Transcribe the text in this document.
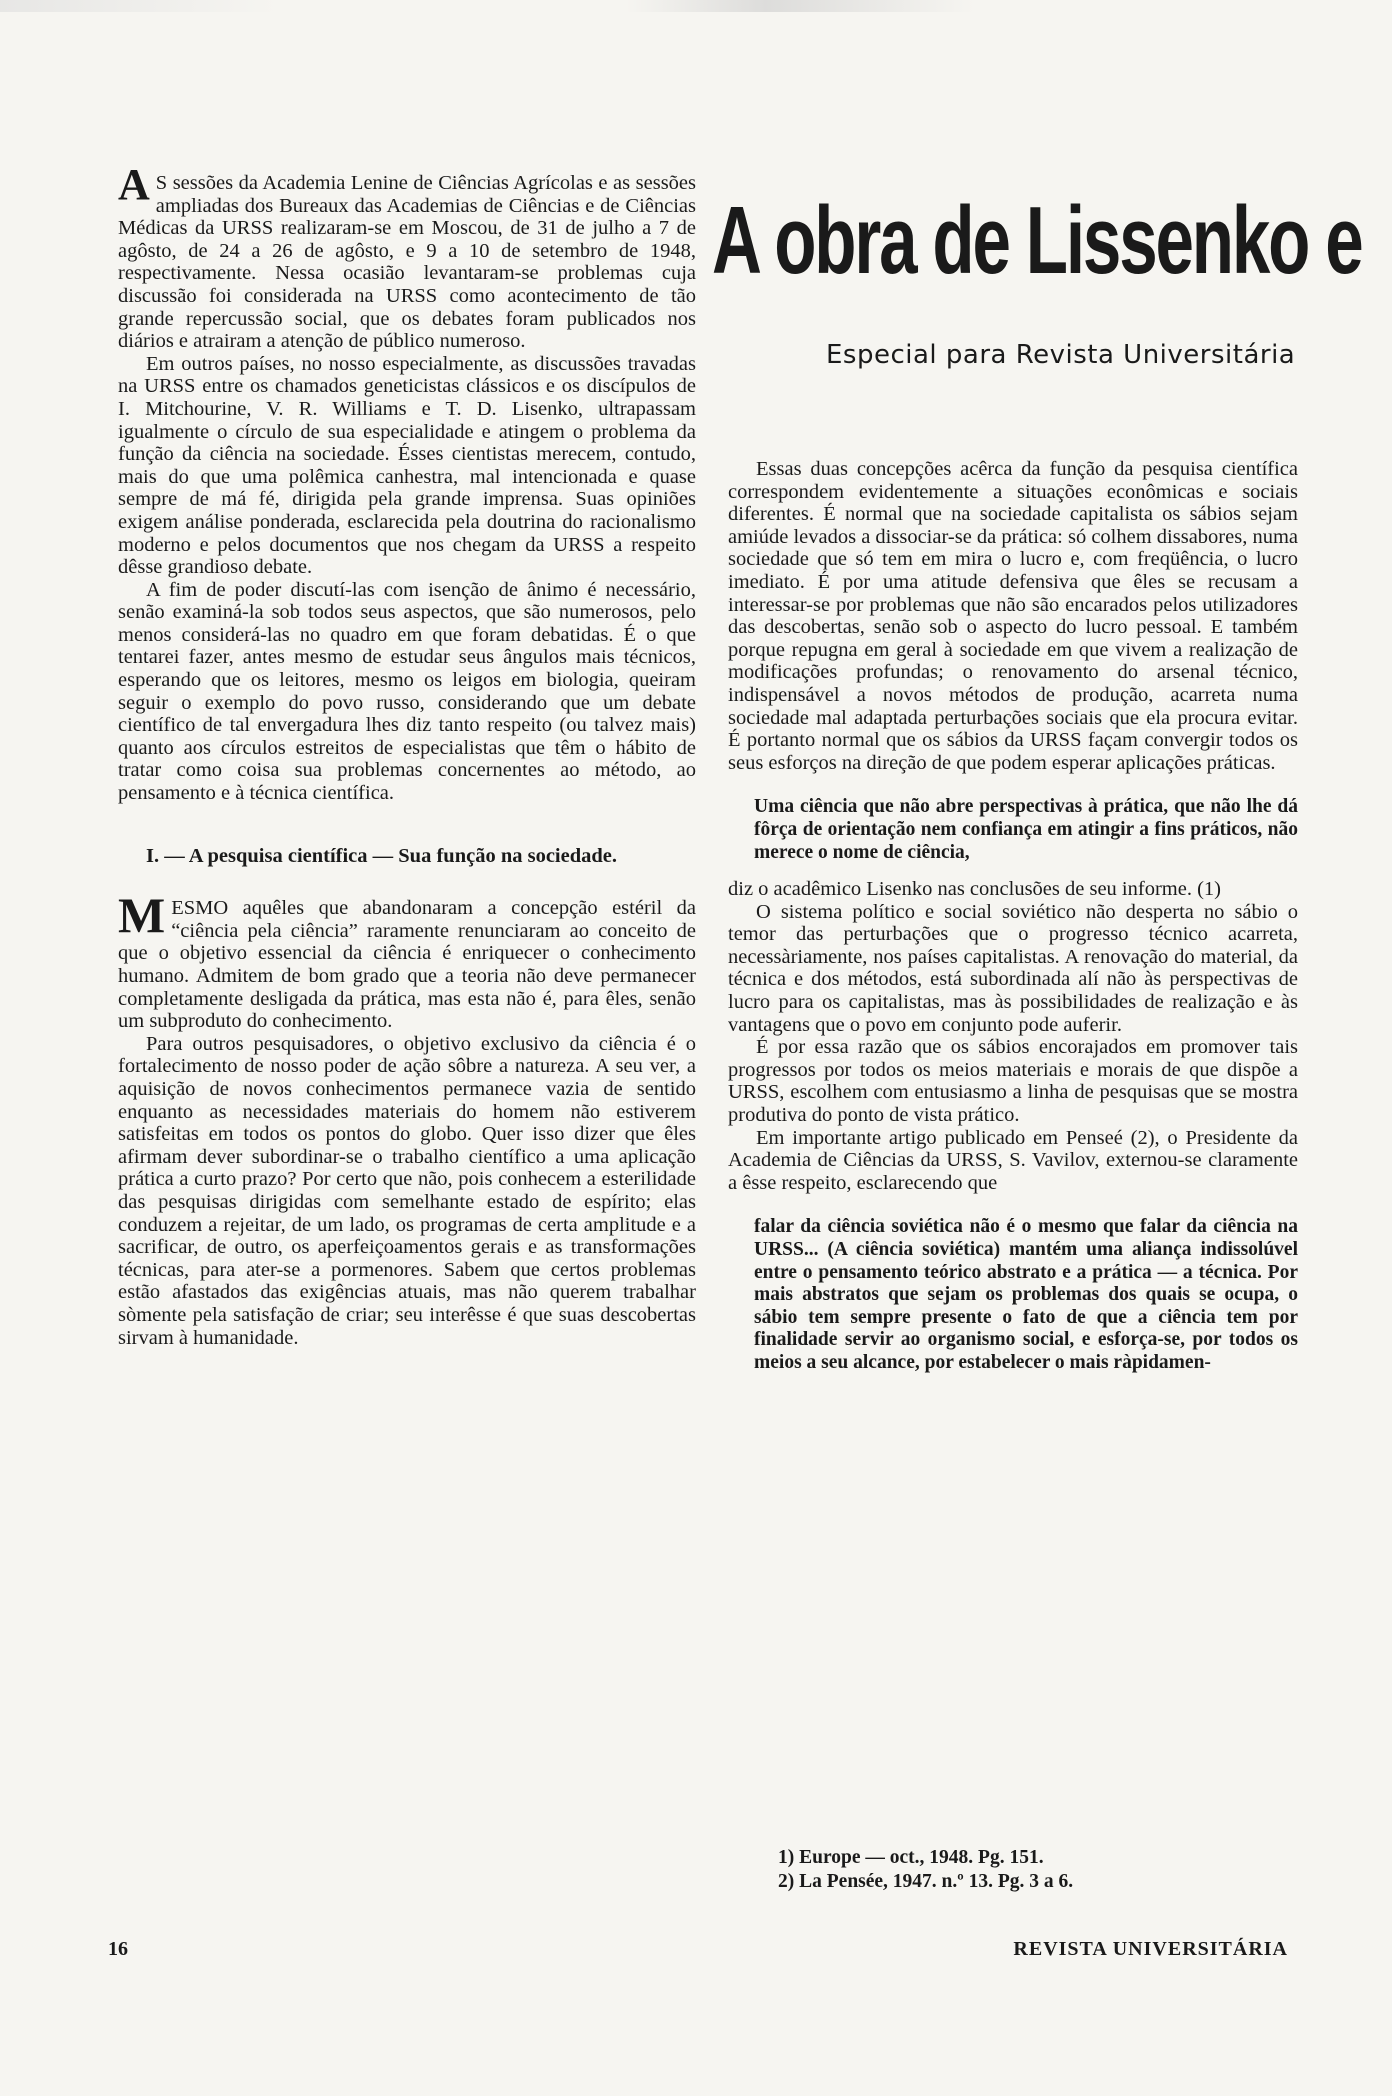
A obra de Lissenko e
Especial para Revista Universitária

A S sessões da Academia Lenine de Ciências Agrícolas e as sessões ampliadas dos Bureaux das Academias de Ciências e de Ciências Médicas da URSS realizaram-se em Moscou, de 31 de julho a 7 de agôsto, de 24 a 26 de agôsto, e 9 a 10 de setembro de 1948, respectivamente. Nessa ocasião levantaram-se problemas cuja discussão foi considerada na URSS como acontecimento de tão grande repercussão social, que os debates foram publicados nos diários e atrairam a atenção de público numeroso.

Em outros países, no nosso especialmente, as discussões travadas na URSS entre os chamados geneticistas clássicos e os discípulos de I. Mitchourine, V. R. Williams e T. D. Lisenko, ultrapassam igualmente o círculo de sua especialidade e atingem o problema da função da ciência na sociedade. Ésses cientistas merecem, contudo, mais do que uma polêmica canhestra, mal intencionada e quase sempre de má fé, dirigida pela grande imprensa. Suas opiniões exigem análise ponderada, esclarecida pela doutrina do racionalismo moderno e pelos documentos que nos chegam da URSS a respeito dêsse grandioso debate.

A fim de poder discutí-las com isenção de ânimo é necessário, senão examiná-la sob todos seus aspectos, que são numerosos, pelo menos considerá-las no quadro em que foram debatidas. É o que tentarei fazer, antes mesmo de estudar seus ângulos mais técnicos, esperando que os leitores, mesmo os leigos em biologia, queiram seguir o exemplo do povo russo, considerando que um debate científico de tal envergadura lhes diz tanto respeito (ou talvez mais) quanto aos círculos estreitos de especialistas que têm o hábito de tratar como coisa sua problemas concernentes ao método, ao pensamento e à técnica científica.

I. — A pesquisa científica — Sua função na sociedade.

MESMO aquêles que abandonaram a concepção estéril da “ciência pela ciência” raramente renunciaram ao conceito de que o objetivo essencial da ciência é enriquecer o conhecimento humano. Admitem de bom grado que a teoria não deve permanecer completamente desligada da prática, mas esta não é, para êles, senão um subproduto do conhecimento.

Para outros pesquisadores, o objetivo exclusivo da ciência é o fortalecimento de nosso poder de ação sôbre a natureza. A seu ver, a aquisição de novos conhecimentos permanece vazia de sentido enquanto as necessidades materiais do homem não estiverem satisfeitas em todos os pontos do globo. Quer isso dizer que êles afirmam dever subordinar-se o trabalho científico a uma aplicação prática a curto prazo? Por certo que não, pois conhecem a esterilidade das pesquisas dirigidas com semelhante estado de espírito; elas conduzem a rejeitar, de um lado, os programas de certa amplitude e a sacrificar, de outro, os aperfeiçoamentos gerais e as transformações técnicas, para ater-se a pormenores. Sabem que certos problemas estão afastados das exigências atuais, mas não querem trabalhar sòmente pela satisfação de criar; seu interêsse é que suas descobertas sirvam à humanidade.

Essas duas concepções acêrca da função da pesquisa científica correspondem evidentemente a situações econômicas e sociais diferentes. É normal que na sociedade capitalista os sábios sejam amiúde levados a dissociar-se da prática: só colhem dissabores, numa sociedade que só tem em mira o lucro e, com freqüência, o lucro imediato. É por uma atitude defensiva que êles se recusam a interessar-se por problemas que não são encarados pelos utilizadores das descobertas, senão sob o aspecto do lucro pessoal. E também porque repugna em geral à sociedade em que vivem a realização de modificações profundas; o renovamento do arsenal técnico, indispensável a novos métodos de produção, acarreta numa sociedade mal adaptada perturbações sociais que ela procura evitar. É portanto normal que os sábios da URSS façam convergir todos os seus esforços na direção de que podem esperar aplicações práticas.

Uma ciência que não abre perspectivas à prática, que não lhe dá fôrça de orientação nem confiança em atingir a fins práticos, não merece o nome de ciência,

diz o acadêmico Lisenko nas conclusões de seu informe. (1)

O sistema político e social soviético não desperta no sábio o temor das perturbações que o progresso técnico acarreta, necessàriamente, nos países capitalistas. A renovação do material, da técnica e dos métodos, está subordinada alí não às perspectivas de lucro para os capitalistas, mas às possibilidades de realização e às vantagens que o povo em conjunto pode auferir.

É por essa razão que os sábios encorajados em promover tais progressos por todos os meios materiais e morais de que dispõe a URSS, escolhem com entusiasmo a linha de pesquisas que se mostra produtiva do ponto de vista prático.

Em importante artigo publicado em Penseé (2), o Presidente da Academia de Ciências da URSS, S. Vavilov, externou-se claramente a êsse respeito, esclarecendo que

falar da ciência soviética não é o mesmo que falar da ciência na URSS... (A ciência soviética) mantém uma aliança indissolúvel entre o pensamento teórico abstrato e a prática — a técnica. Por mais abstratos que sejam os problemas dos quais se ocupa, o sábio tem sempre presente o fato de que a ciência tem por finalidade servir ao organismo social, e esforça-se, por todos os meios a seu alcance, por estabelecer o mais ràpidamen-

1) Europe — oct., 1948. Pg. 151.
2) La Pensée, 1947. n.º 13. Pg. 3 a 6.
16	REVISTA UNIVERSITÁRIA
